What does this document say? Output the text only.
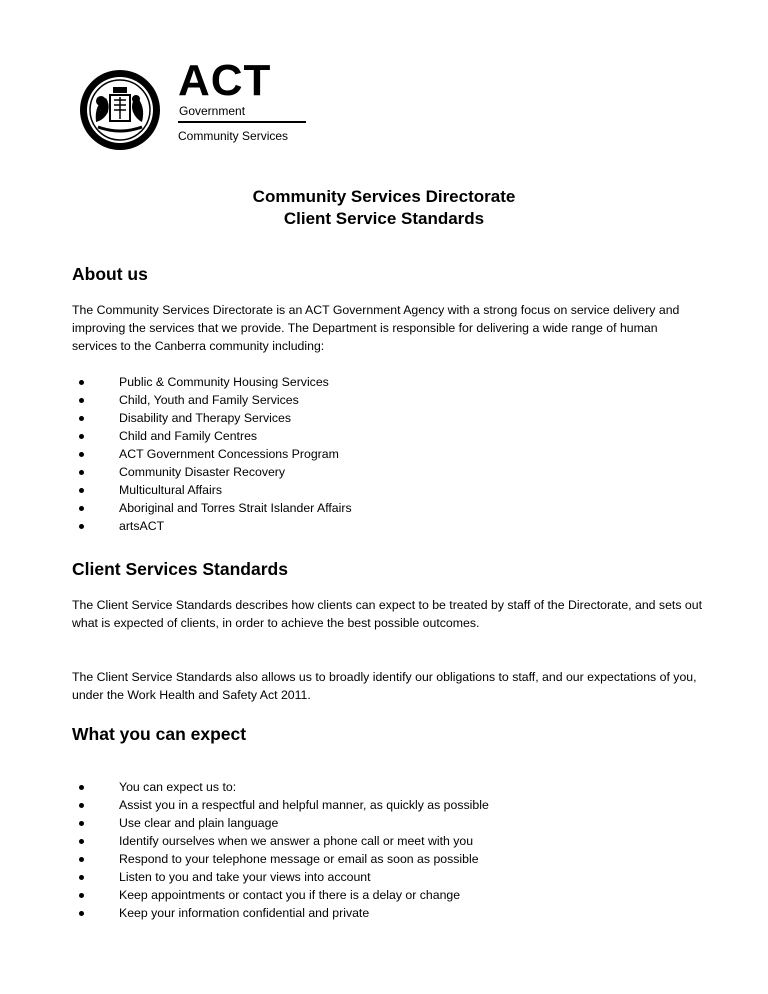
ACT
Government
Community Services
Community Services Directorate
Client Service Standards
About us

The Community Services Directorate is an ACT Government Agency with a strong focus on service delivery and improving the services that we provide. The Department is responsible for delivering a wide range of human services to the Canberra community including:

Public & Community Housing Services
Child, Youth and Family Services
Disability and Therapy Services
Child and Family Centres
ACT Government Concessions Program
Community Disaster Recovery
Multicultural Affairs
Aboriginal and Torres Strait Islander Affairs
artsACT
Client Services Standards

The Client Service Standards describes how clients can expect to be treated by staff of the Directorate, and sets out what is expected of clients, in order to achieve the best possible outcomes.

The Client Service Standards also allows us to broadly identify our obligations to staff, and our expectations of you, under the Work Health and Safety Act 2011.

What you can expect
You can expect us to:
Assist you in a respectful and helpful manner, as quickly as possible
Use clear and plain language
Identify ourselves when we answer a phone call or meet with you
Respond to your telephone message or email as soon as possible
Listen to you and take your views into account
Keep appointments or contact you if there is a delay or change
Keep your information confidential and private
